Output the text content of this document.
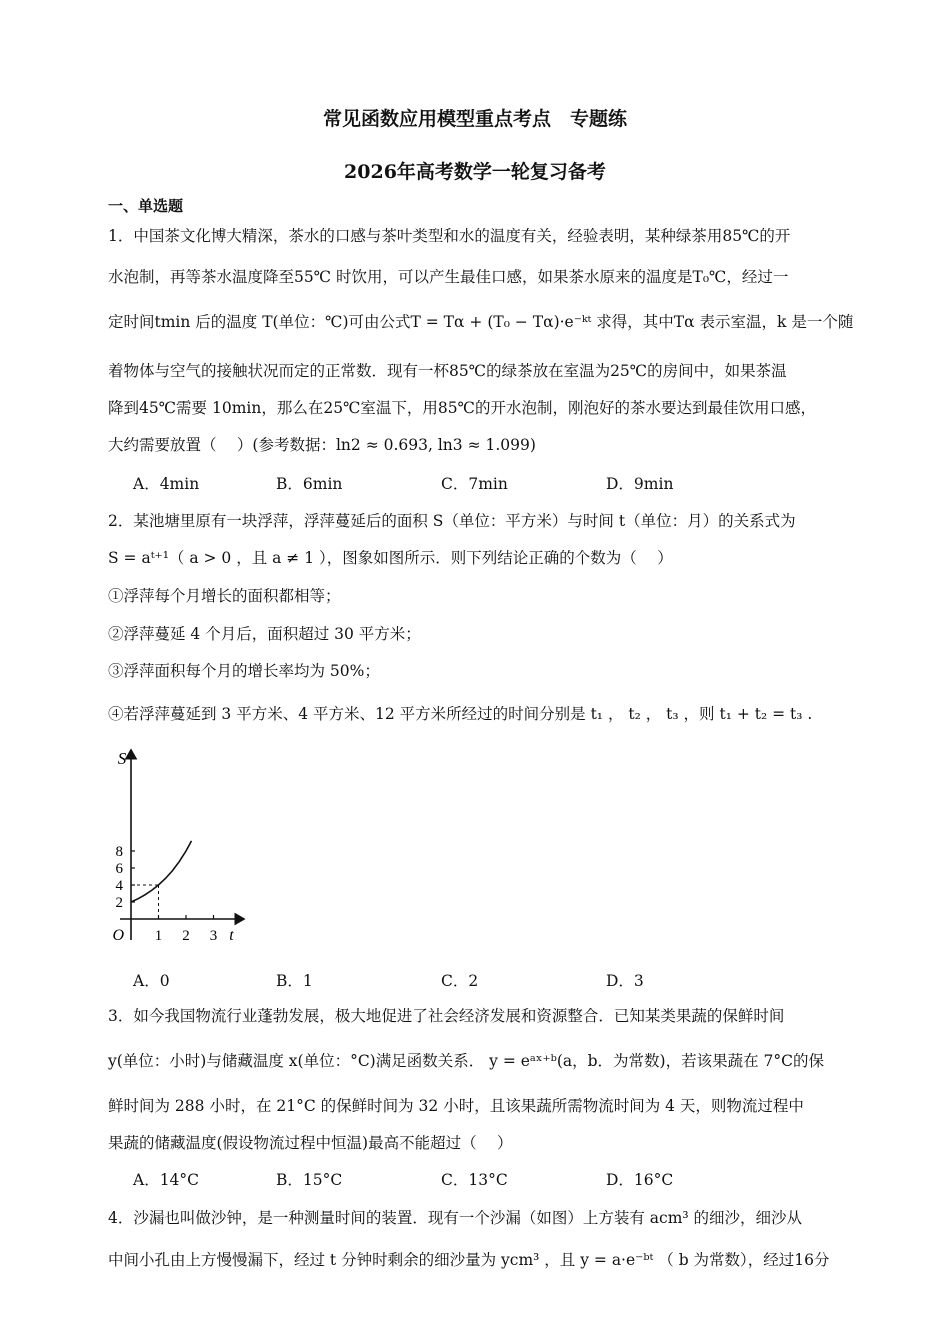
常见函数应用模型重点考点　专题练
2026年高考数学一轮复习备考
一、单选题
1．中国茶文化博大精深，茶水的口感与茶叶类型和水的温度有关，经验表明，某种绿茶用85℃的开
水泡制，再等茶水温度降至55℃ 时饮用，可以产生最佳口感，如果茶水原来的温度是T₀℃，经过一
定时间tmin 后的温度 T(单位：℃)可由公式T = Tα + (T₀ − Tα)·e⁻ᵏᵗ 求得，其中Tα 表示室温，k 是一个随
着物体与空气的接触状况而定的正常数．现有一杯85℃的绿茶放在室温为25℃的房间中，如果茶温
降到45℃需要 10min，那么在25℃室温下，用85℃的开水泡制，刚泡好的茶水要达到最佳饮用口感，
大约需要放置（　 ）(参考数据：ln2 ≈ 0.693, ln3 ≈ 1.099)
A．4min	B．6min	C．7min	D．9min
2．某池塘里原有一块浮萍，浮萍蔓延后的面积 S（单位：平方米）与时间 t（单位：月）的关系式为
S = aᵗ⁺¹（ a > 0 ，且 a ≠ 1 ），图象如图所示．则下列结论正确的个数为（　 ）
①浮萍每个月增长的面积都相等；
②浮萍蔓延 4 个月后，面积超过 30 平方米；
③浮萍面积每个月的增长率均为 50%；
④若浮萍蔓延到 3 平方米、4 平方米、12 平方米所经过的时间分别是 t₁ ， t₂ ， t₃ ，则 t₁ + t₂ = t₃ .
2
4
6
8
1 2 3
O	t
S
A．0	B．1	C．2	D．3
3．如今我国物流行业蓬勃发展，极大地促进了社会经济发展和资源整合．已知某类果蔬的保鲜时间
y(单位：小时)与储藏温度 x(单位：°C)满足函数关系． y = eᵃˣ⁺ᵇ(a，b．为常数)，若该果蔬在 7°C的保
鲜时间为 288 小时，在 21°C 的保鲜时间为 32 小时，且该果蔬所需物流时间为 4 天，则物流过程中
果蔬的储藏温度(假设物流过程中恒温)最高不能超过（　 ）
A．14°C	B．15°C	C．13°C	D．16°C
4．沙漏也叫做沙钟，是一种测量时间的装置．现有一个沙漏（如图）上方装有 acm³ 的细沙，细沙从
中间小孔由上方慢慢漏下，经过 t 分钟时剩余的细沙量为 ycm³ ，且 y = a·e⁻ᵇᵗ （ b 为常数），经过16分
